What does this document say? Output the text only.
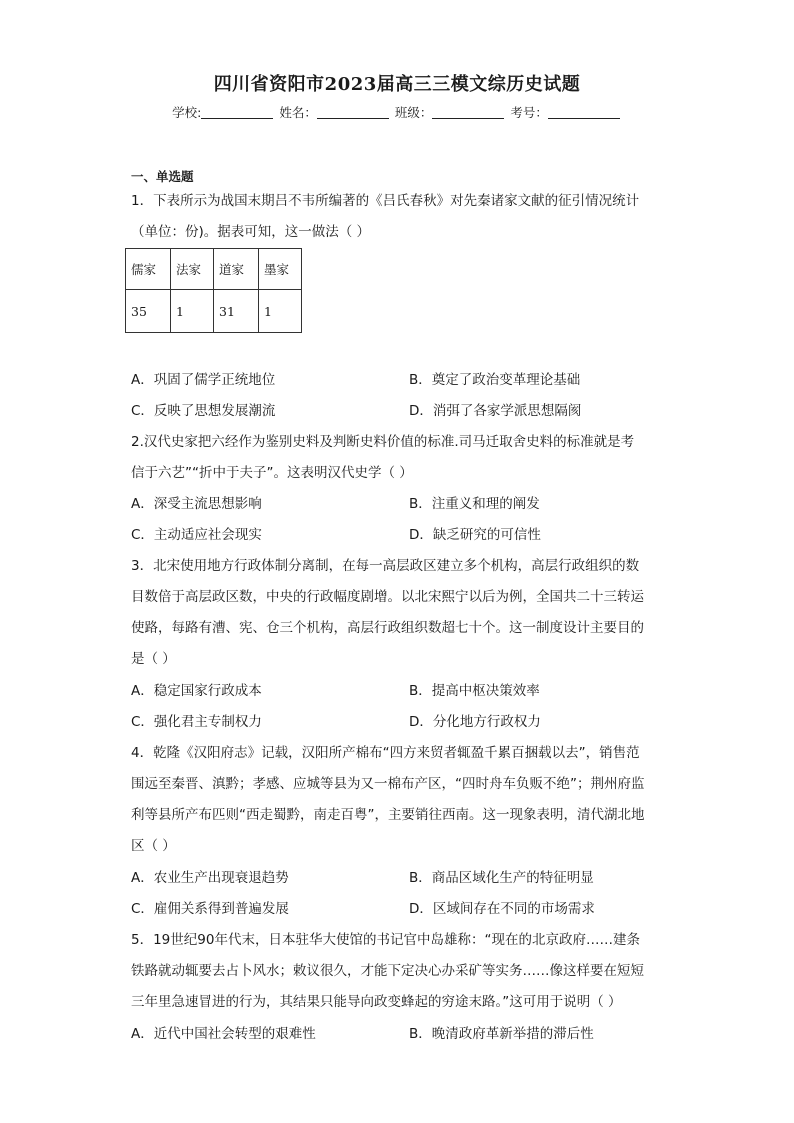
四川省资阳市2023届高三三模文综历史试题
学校:	姓名：	班级：	考号：
一、单选题
1．下表所示为战国末期吕不韦所编著的《吕氏春秋》对先秦诸家文献的征引情况统计
（单位：份)。据表可知，这一做法（ ）
儒家	法家	道家	墨家
35	1	31	1
A．巩固了儒学正统地位	B．奠定了政治变革理论基础
C．反映了思想发展潮流	D．消弭了各家学派思想隔阂
2.汉代史家把六经作为鉴别史料及判断史料价值的标准.司马迁取舍史料的标准就是考
信于六艺”“折中于夫子”。这表明汉代史学（ ）
A．深受主流思想影响	B．注重义和理的阐发
C．主动适应社会现实	D．缺乏研究的可信性
3．北宋使用地方行政体制分离制，在每一高层政区建立多个机构，高层行政组织的数
目数倍于高层政区数，中央的行政幅度剧增。以北宋熙宁以后为例，全国共二十三转运
使路，每路有漕、宪、仓三个机构，高层行政组织数超七十个。这一制度设计主要目的
是（ ）
A．稳定国家行政成本	B．提高中枢决策效率
C．强化君主专制权力	D．分化地方行政权力
4．乾隆《汉阳府志》记载，汉阳所产棉布“四方来贸者辄盈千累百捆载以去”，销售范
围远至秦晋、滇黔；孝感、应城等县为又一棉布产区，“四时舟车负贩不绝”；荆州府监
利等县所产布匹则“西走蜀黔，南走百粤”，主要销往西南。这一现象表明，清代湖北地
区（ ）
A．农业生产出现衰退趋势	B．商品区域化生产的特征明显
C．雇佣关系得到普遍发展	D．区域间存在不同的市场需求
5．19世纪90年代末，日本驻华大使馆的书记官中岛雄称：“现在的北京政府……建条
铁路就动辄要去占卜风水；敕议很久，才能下定决心办采矿等实务……像这样要在短短
三年里急速冒进的行为，其结果只能导向政变蜂起的穷途末路。”这可用于说明（ ）
A．近代中国社会转型的艰难性	B．晚清政府革新举措的滞后性
